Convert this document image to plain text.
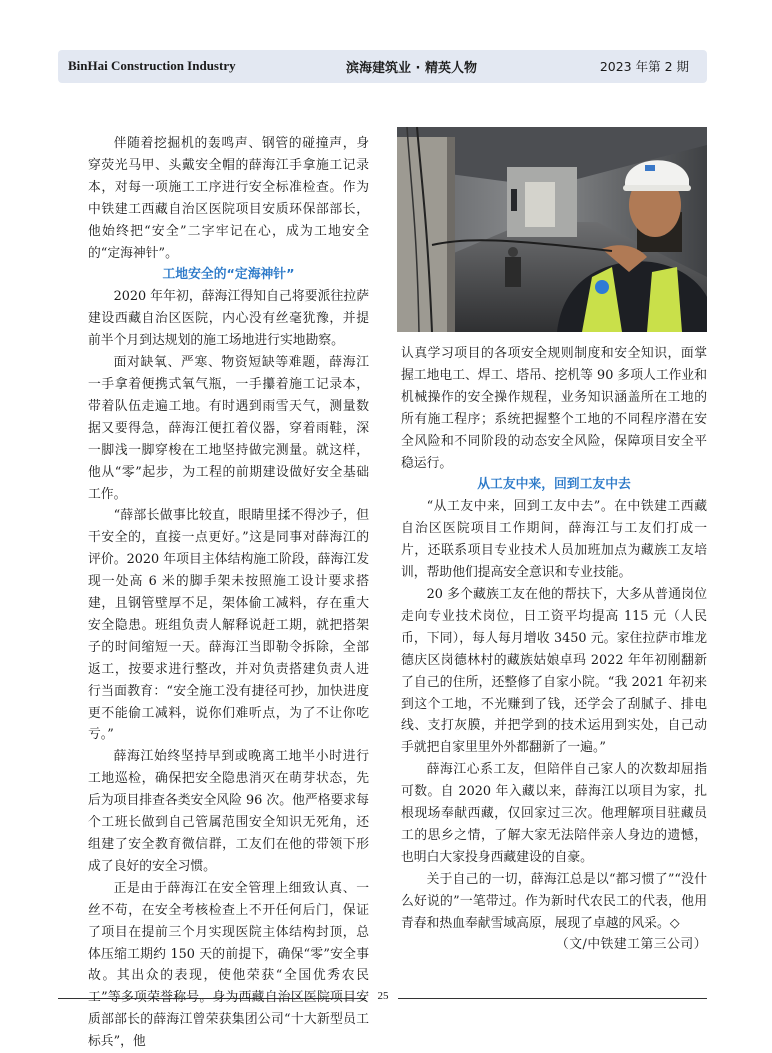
BinHai Construction Industry	滨海建筑业 · 精英人物	2023 年第 2 期

伴随着挖掘机的轰鸣声、钢管的碰撞声，身穿荧光马甲、头戴安全帽的薛海江手拿施工记录本，对每一项施工工序进行安全标准检查。作为中铁建工西藏自治区医院项目安质环保部部长，他始终把“安全”二字牢记在心，成为工地安全的“定海神针”。

工地安全的“定海神针”

2020 年年初，薛海江得知自己将要派往拉萨建设西藏自治区医院，内心没有丝毫犹豫，并提前半个月到达规划的施工场地进行实地勘察。

面对缺氧、严寒、物资短缺等难题，薛海江一手拿着便携式氧气瓶，一手攥着施工记录本，带着队伍走遍工地。有时遇到雨雪天气，测量数据又要得急，薛海江便扛着仪器，穿着雨鞋，深一脚浅一脚穿梭在工地坚持做完测量。就这样，他从“零”起步，为工程的前期建设做好安全基础工作。

“薛部长做事比较直，眼睛里揉不得沙子，但干安全的，直接一点更好。”这是同事对薛海江的评价。2020 年项目主体结构施工阶段，薛海江发现一处高 6 米的脚手架未按照施工设计要求搭建，且钢管壁厚不足，架体偷工减料，存在重大安全隐患。班组负责人解释说赶工期，就把搭架子的时间缩短一天。薛海江当即勒令拆除，全部返工，按要求进行整改，并对负责搭建负责人进行当面教育：“安全施工没有捷径可抄，加快进度更不能偷工减料，说你们难听点，为了不让你吃亏。”

薛海江始终坚持早到或晚离工地半小时进行工地巡检，确保把安全隐患消灭在萌芽状态，先后为项目排查各类安全风险 96 次。他严格要求每个工班长做到自己管属范围安全知识无死角，还组建了安全教育微信群，工友们在他的带领下形成了良好的安全习惯。

正是由于薛海江在安全管理上细致认真、一丝不苟，在安全考核检查上不开任何后门，保证了项目在提前三个月实现医院主体结构封顶，总体压缩工期约 150 天的前提下，确保“零”安全事故。其出众的表现，使他荣获“全国优秀农民工”等多项荣誉称号。身为西藏自治区医院项目安质部部长的薛海江曾荣获集团公司“十大新型员工标兵”，他

认真学习项目的各项安全规则制度和安全知识，面掌握工地电工、焊工、塔吊、挖机等 90 多项人工作业和机械操作的安全操作规程，业务知识涵盖所在工地的所有施工程序；系统把握整个工地的不同程序潜在安全风险和不同阶段的动态安全风险，保障项目安全平稳运行。

从工友中来，回到工友中去

“从工友中来，回到工友中去”。在中铁建工西藏自治区医院项目工作期间，薛海江与工友们打成一片，还联系项目专业技术人员加班加点为藏族工友培训，帮助他们提高安全意识和专业技能。

20 多个藏族工友在他的帮扶下，大多从普通岗位走向专业技术岗位，日工资平均提高 115 元（人民币，下同），每人每月增收 3450 元。家住拉萨市堆龙德庆区岗德林村的藏族姑娘卓玛 2022 年年初刚翻新了自己的住所，还整修了自家小院。“我 2021 年初来到这个工地，不光赚到了钱，还学会了刮腻子、排电线、支打灰膜，并把学到的技术运用到实处，自己动手就把自家里里外外都翻新了一遍。”

薛海江心系工友，但陪伴自己家人的次数却屈指可数。自 2020 年入藏以来，薛海江以项目为家，扎根现场奉献西藏，仅回家过三次。他理解项目驻藏员工的思乡之情，了解大家无法陪伴亲人身边的遗憾，也明白大家投身西藏建设的自豪。

关于自己的一切，薛海江总是以“都习惯了”“没什么好说的”一笔带过。作为新时代农民工的代表，他用青春和热血奉献雪域高原，展现了卓越的风采。◇
（文/中铁建工第三公司）

25
